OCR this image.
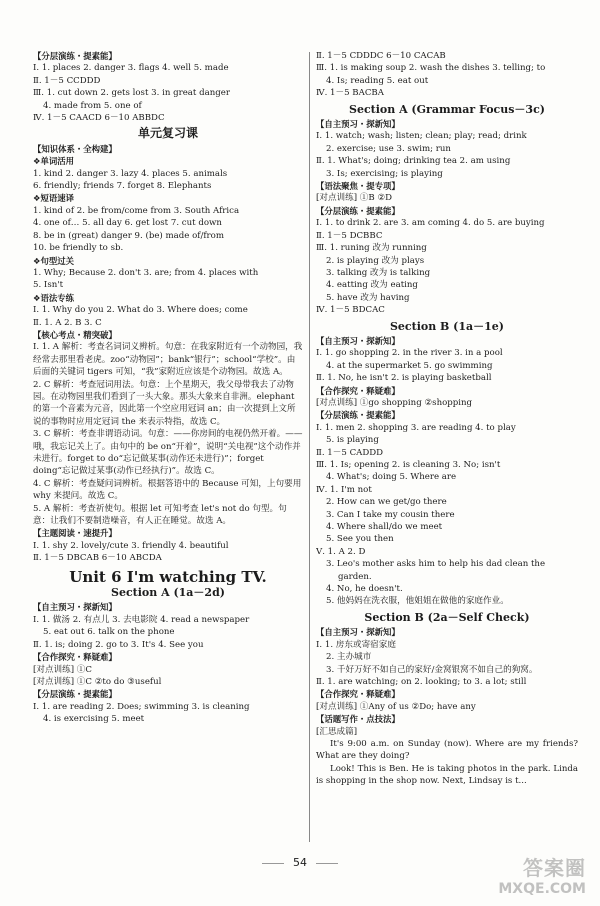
【分层演练・提素能】
Ⅰ. 1. places 2. danger 3. flags 4. well 5. made
Ⅱ. 1－5 CCDDD
Ⅲ. 1. cut down 2. gets lost 3. in great danger
4. made from 5. one of
Ⅳ. 1－5 CAACD 6－10 ABBDC
单元复习课
【知识体系・全构建】
❖单词活用
1. kind 2. danger 3. lazy 4. places 5. animals
6. friendly; friends 7. forget 8. Elephants
❖短语速译
1. kind of 2. be from/come from 3. South Africa
4. one of… 5. all day 6. get lost 7. cut down
8. be in (great) danger 9. (be) made of/from
10. be friendly to sb.
❖句型过关
1. Why; Because 2. don't 3. are; from 4. places with
5. Isn't
❖语法专练
Ⅰ. 1. Why do you 2. What do 3. Where does; come
Ⅱ. 1. A 2. B 3. C
【核心考点・精突破】
Ⅰ. 1. A 解析：考查名词词义辨析。句意：在我家附近有一个动物园，我经常去那里看老虎。zoo“动物园”；bank“银行”；school“学校”。由后面的关键词 tigers 可知，“我”家附近应该是个动物园。故选 A。
2. C 解析：考查冠词用法。句意：上个星期天，我父母带我去了动物园。在动物园里我们看到了一头大象。那头大象来自非洲。elephant 的第一个音素为元音，因此第一个空应用冠词 an；由一次提到上文所说的事物时应用定冠词 the 来表示特指，故选 C。
3. C 解析：考查非谓语动词。句意：——你房间的电视仍然开着。——哦，我忘记关上了。由句中的 be on“开着”，说明“关电视”这个动作并未进行。forget to do“忘记做某事(动作还未进行)”；forget doing“忘记做过某事(动作已经执行)”。故选 C。
4. C 解析：考查疑问词辨析。根据答语中的 Because 可知，上句要用 why 来提问。故选 C。
5. A 解析：考查祈使句。根据 let 可知考查 let's not do 句型。句意：让我们不要制造噪音，有人正在睡觉。故选 A。
【主题阅读・速提升】
Ⅰ. 1. shy 2. lovely/cute 3. friendly 4. beautiful
Ⅱ. 1－5 DBCAB 6－10 ABCDA
Unit 6 I'm watching TV.
Section A (1a－2d)
【自主预习・探新知】
Ⅰ. 1. 做汤 2. 有点儿 3. 去电影院 4. read a newspaper
5. eat out 6. talk on the phone
Ⅱ. 1. is; doing 2. go to 3. It's 4. See you
【合作探究・释疑难】
[对点训练] ①C
[对点训练] ①C ②to do ③useful
【分层演练・提素能】
Ⅰ. 1. are reading 2. Does; swimming 3. is cleaning
4. is exercising 5. meet
Ⅱ. 1－5 CDDDC 6－10 CACAB
Ⅲ. 1. is making soup 2. wash the dishes 3. telling; to
4. Is; reading 5. eat out
Ⅳ. 1－5 BACBA
Section A (Grammar Focus－3c)
【自主预习・探新知】
Ⅰ. 1. watch; wash; listen; clean; play; read; drink
2. exercise; use 3. swim; run
Ⅱ. 1. What's; doing; drinking tea 2. am using
3. Is; exercising; is playing
【语法聚焦・提专项】
[对点训练] ①B ②D
【分层演练・提素能】
Ⅰ. 1. to drink 2. are 3. am coming 4. do 5. are buying
Ⅱ. 1－5 DCBBC
Ⅲ. 1. runing 改为 running
2. is playing 改为 plays
3. talking 改为 is talking
4. eatting 改为 eating
5. have 改为 having
Ⅳ. 1－5 BDCAC
Section B (1a－1e)
【自主预习・探新知】
Ⅰ. 1. go shopping 2. in the river 3. in a pool
4. at the supermarket 5. go swimming
Ⅱ. 1. No, he isn't 2. is playing basketball
【合作探究・释疑难】
[对点训练] ①go shopping ②shopping
【分层演练・提素能】
Ⅰ. 1. men 2. shopping 3. are reading 4. to play
5. is playing
Ⅱ. 1－5 CADDD
Ⅲ. 1. Is; opening 2. is cleaning 3. No; isn't
4. What's; doing 5. Where are
Ⅳ. 1. I'm not
2. How can we get/go there
3. Can I take my cousin there
4. Where shall/do we meet
5. See you then
Ⅴ. 1. A 2. D
3. Leo's mother asks him to help his dad clean the
garden.
4. No, he doesn't.
5. 他妈妈在洗衣服，他姐姐在做他的家庭作业。
Section B (2a－Self Check)
【自主预习・探新知】
Ⅰ. 1. 房东或寄宿家庭
2. 主办城市
3. 千好万好不如自己的家好/金窝银窝不如自己的狗窝。
Ⅱ. 1. are watching; on 2. looking; to 3. a lot; still
【合作探究・释疑难】
[对点训练] ①Any of us ②Do; have any
【话题写作・点技法】
[汇思成篇]
It's 9:00 a.m. on Sunday (now). Where are my friends? What are they doing?
Look! This is Ben. He is taking photos in the park. Linda is shopping in the shop now. Next, Lindsay is t...
54	答案圈
MXQE.COM
